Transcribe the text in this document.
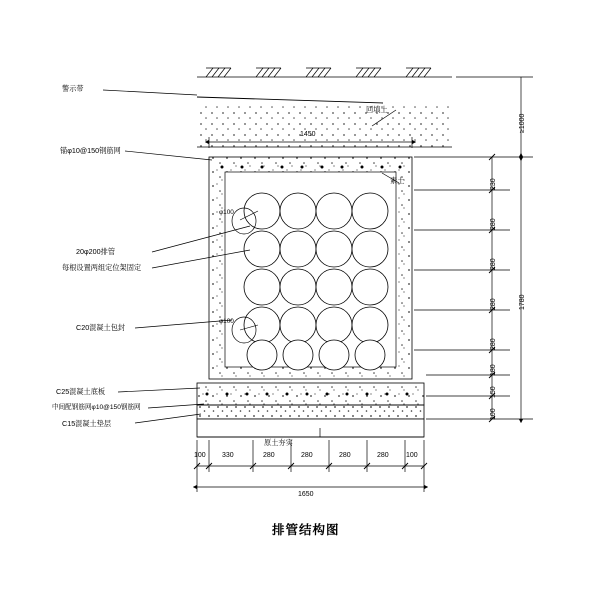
警示带
回填土
锚φ10@150钢筋网
素土
20φ200排管
每根设置两组定位架固定
C20混凝土包封
C25混凝土底板
中间配钢筋网φ10@150钢筋网
C15混凝土垫层
原土夯实
φ100
φ100
1450
1650
100 330	280	280	280	280 100
230
280
280
280
280
180
150
100
≥1000
1780
排管结构图
